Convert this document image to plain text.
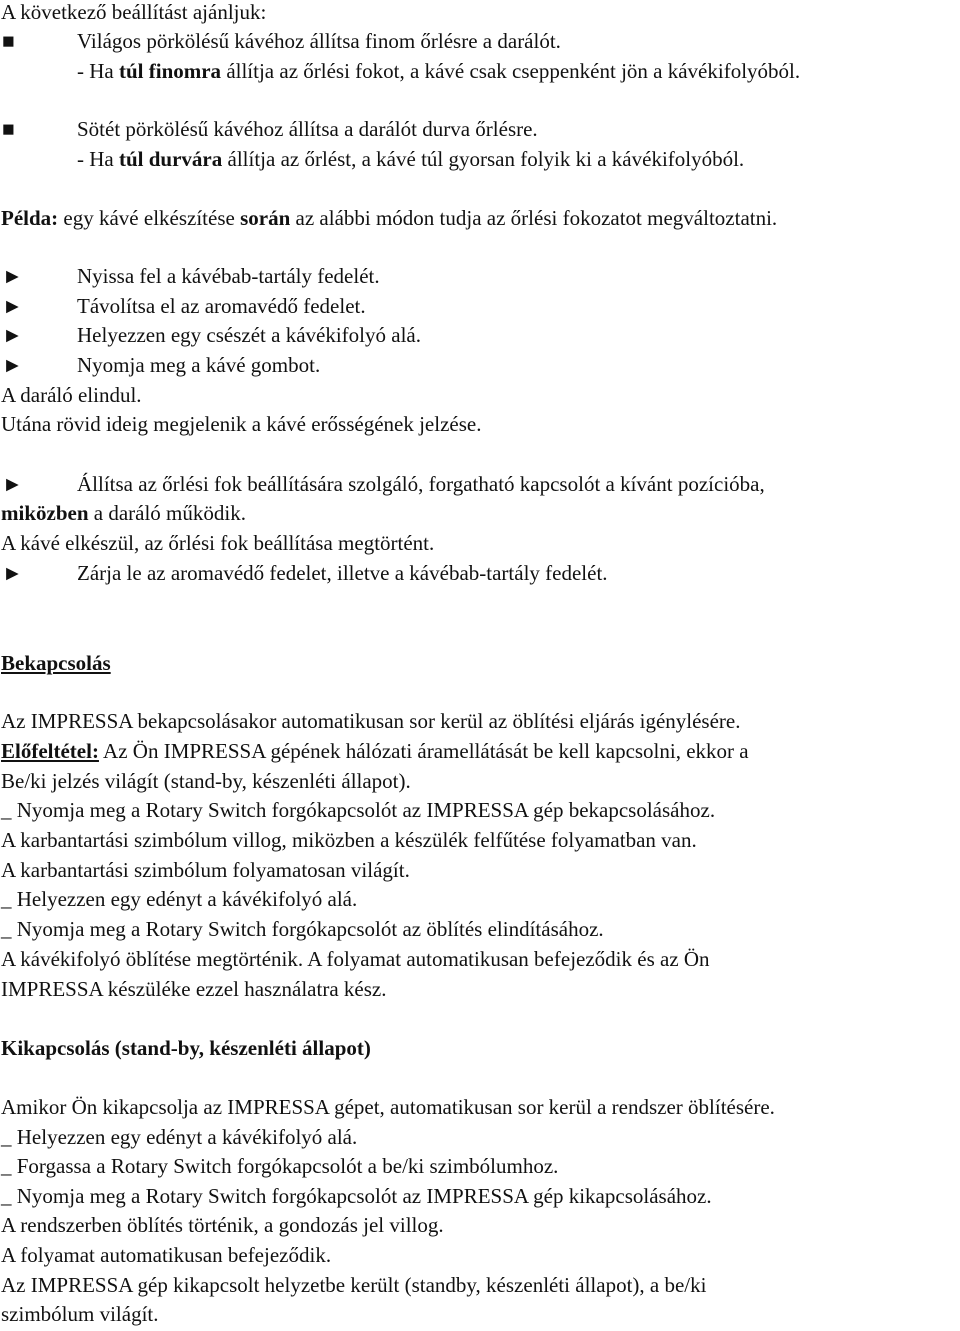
A következő beállítást ajánljuk:
■	Világos pörkölésű kávéhoz állítsa finom őrlésre a darálót.
- Ha túl finomra állítja az őrlési fokot, a kávé csak cseppenként jön a kávékifolyóból.
■	Sötét pörkölésű kávéhoz állítsa a darálót durva őrlésre.
- Ha túl durvára állítja az őrlést, a kávé túl gyorsan folyik ki a kávékifolyóból.
Példa: egy kávé elkészítése során az alábbi módon tudja az őrlési fokozatot megváltoztatni.
►	Nyissa fel a kávébab-tartály fedelét.
►	Távolítsa el az aromavédő fedelet.
►	Helyezzen egy csészét a kávékifolyó alá.
►	Nyomja meg a kávé gombot.
A daráló elindul.
Utána rövid ideig megjelenik a kávé erősségének jelzése.
►	Állítsa az őrlési fok beállítására szolgáló, forgatható kapcsolót a kívánt pozícióba,
miközben a daráló működik.
A kávé elkészül, az őrlési fok beállítása megtörtént.
►	Zárja le az aromavédő fedelet, illetve a kávébab-tartály fedelét.
Bekapcsolás
Az IMPRESSA bekapcsolásakor automatikusan sor kerül az öblítési eljárás igénylésére.
Előfeltétel: Az Ön IMPRESSA gépének hálózati áramellátását be kell kapcsolni, ekkor a
Be/ki jelzés világít (stand-by, készenléti állapot).
_ Nyomja meg a Rotary Switch forgókapcsolót az IMPRESSA gép bekapcsolásához.
A karbantartási szimbólum villog, miközben a készülék felfűtése folyamatban van.
A karbantartási szimbólum folyamatosan világít.
_ Helyezzen egy edényt a kávékifolyó alá.
_ Nyomja meg a Rotary Switch forgókapcsolót az öblítés elindításához.
A kávékifolyó öblítése megtörténik. A folyamat automatikusan befejeződik és az Ön
IMPRESSA készüléke ezzel használatra kész.
Kikapcsolás (stand-by, készenléti állapot)
Amikor Ön kikapcsolja az IMPRESSA gépet, automatikusan sor kerül a rendszer öblítésére.
_ Helyezzen egy edényt a kávékifolyó alá.
_ Forgassa a Rotary Switch forgókapcsolót a be/ki szimbólumhoz.
_ Nyomja meg a Rotary Switch forgókapcsolót az IMPRESSA gép kikapcsolásához.
A rendszerben öblítés történik, a gondozás jel villog.
A folyamat automatikusan befejeződik.
Az IMPRESSA gép kikapcsolt helyzetbe került (standby, készenléti állapot), a be/ki
szimbólum világít.
